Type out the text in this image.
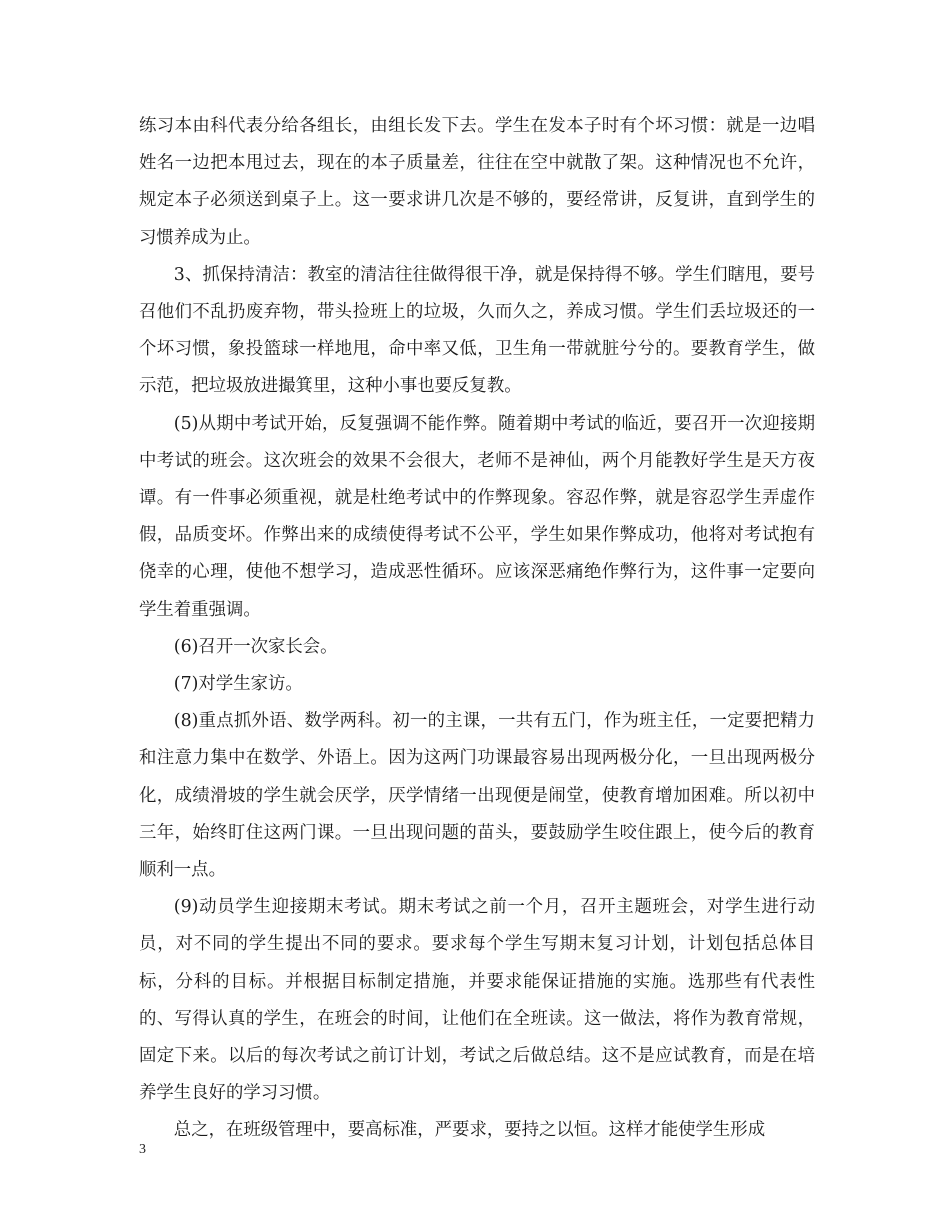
练习本由科代表分给各组长，由组长发下去。学生在发本子时有个坏习惯：就是一边唱姓名一边把本甩过去，现在的本子质量差，往往在空中就散了架。这种情况也不允许，规定本子必须送到桌子上。这一要求讲几次是不够的，要经常讲，反复讲，直到学生的习惯养成为止。

3、抓保持清洁：教室的清洁往往做得很干净，就是保持得不够。学生们瞎甩，要号召他们不乱扔废弃物，带头捡班上的垃圾，久而久之，养成习惯。学生们丢垃圾还的一个坏习惯，象投篮球一样地甩，命中率又低，卫生角一带就脏兮兮的。要教育学生，做示范，把垃圾放进撮箕里，这种小事也要反复教。

(5)从期中考试开始，反复强调不能作弊。随着期中考试的临近，要召开一次迎接期中考试的班会。这次班会的效果不会很大，老师不是神仙，两个月能教好学生是天方夜谭。有一件事必须重视，就是杜绝考试中的作弊现象。容忍作弊，就是容忍学生弄虚作假，品质变坏。作弊出来的成绩使得考试不公平，学生如果作弊成功，他将对考试抱有侥幸的心理，使他不想学习，造成恶性循环。应该深恶痛绝作弊行为，这件事一定要向学生着重强调。

(6)召开一次家长会。

(7)对学生家访。

(8)重点抓外语、数学两科。初一的主课，一共有五门，作为班主任，一定要把精力和注意力集中在数学、外语上。因为这两门功课最容易出现两极分化，一旦出现两极分化，成绩滑坡的学生就会厌学，厌学情绪一出现便是闹堂，使教育增加困难。所以初中三年，始终盯住这两门课。一旦出现问题的苗头，要鼓励学生咬住跟上，使今后的教育顺利一点。

(9)动员学生迎接期末考试。期末考试之前一个月，召开主题班会，对学生进行动员，对不同的学生提出不同的要求。要求每个学生写期末复习计划，计划包括总体目标，分科的目标。并根据目标制定措施，并要求能保证措施的实施。选那些有代表性的、写得认真的学生，在班会的时间，让他们在全班读。这一做法，将作为教育常规，固定下来。以后的每次考试之前订计划，考试之后做总结。这不是应试教育，而是在培养学生良好的学习习惯。

总之，在班级管理中，要高标准，严要求，要持之以恒。这样才能使学生形成

3
